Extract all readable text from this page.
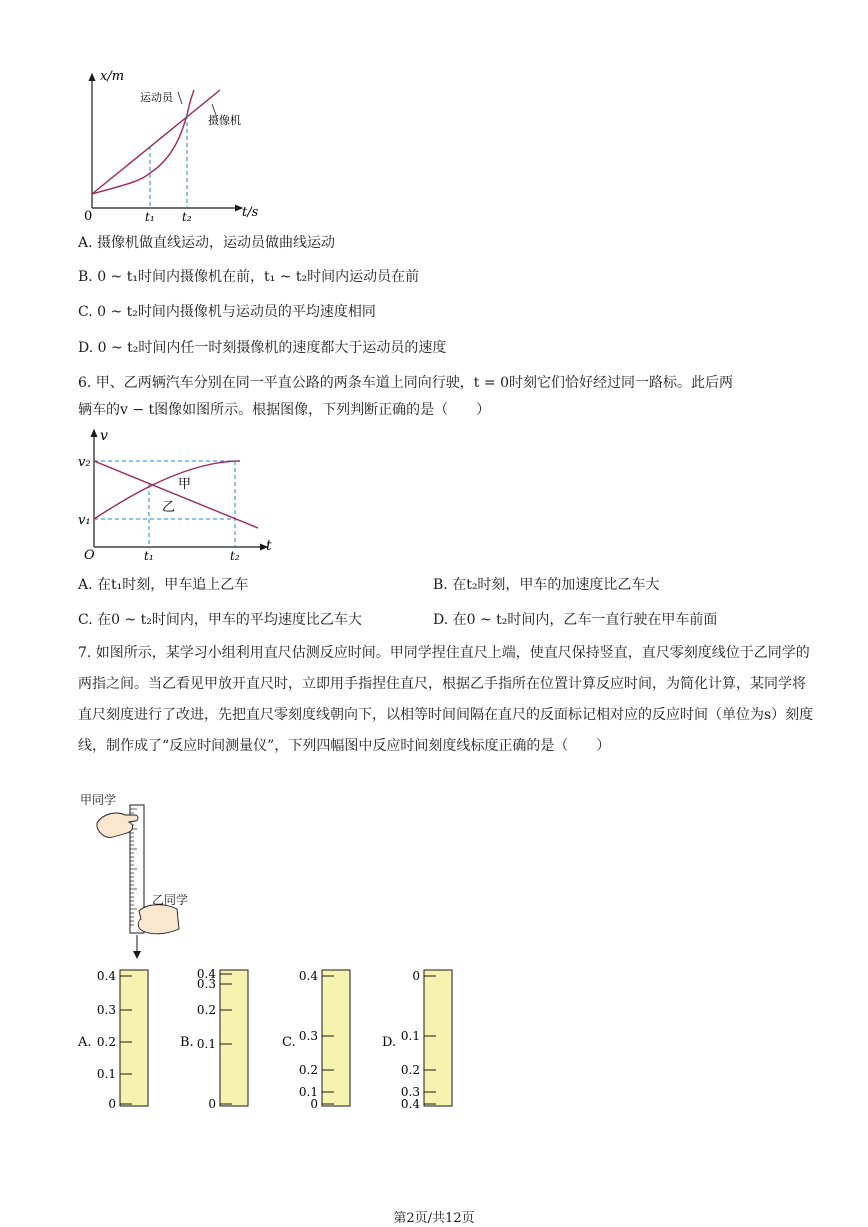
x/m
t/s
0	t₁ t₂
运动员
摄像机
A. 摄像机做直线运动，运动员做曲线运动
B. 0 ~ t₁时间内摄像机在前，t₁ ~ t₂时间内运动员在前
C. 0 ~ t₂时间内摄像机与运动员的平均速度相同
D. 0 ~ t₂时间内任一时刻摄像机的速度都大于运动员的速度
6. 甲、乙两辆汽车分别在同一平直公路的两条车道上同向行驶，t = 0时刻它们恰好经过同一路标。此后两
辆车的v − t图像如图所示。根据图像，下列判断正确的是（　　）
v
t
O
v₂
v₁
t₁	t₂
甲
乙
A. 在t₁时刻，甲车追上乙车	B. 在t₂时刻，甲车的加速度比乙车大
C. 在0 ~ t₂时间内，甲车的平均速度比乙车大	D. 在0 ~ t₂时间内，乙车一直行驶在甲车前面
7. 如图所示，某学习小组利用直尺估测反应时间。甲同学捏住直尺上端，使直尺保持竖直，直尺零刻度线位于乙同学的两指之间。当乙看见甲放开直尺时，立即用手指捏住直尺，根据乙手指所在位置计算反应时间，为简化计算，某同学将直尺刻度进行了改进，先把直尺零刻度线朝向下，以相等时间间隔在直尺的反面标记相对应的反应时间（单位为s）刻度线，制作成了“反应时间测量仪”，下列四幅图中反应时间刻度线标度正确的是（　　）
甲同学
乙同学
A.
0.4
0.3
0.2
0.1
0
B.
0.4
0.3
0.2
0.1
0
C.
0.4
0.3
0.2
0.1
0
D.
0
0.1
0.2
0.3
0.4
第2页/共12页
